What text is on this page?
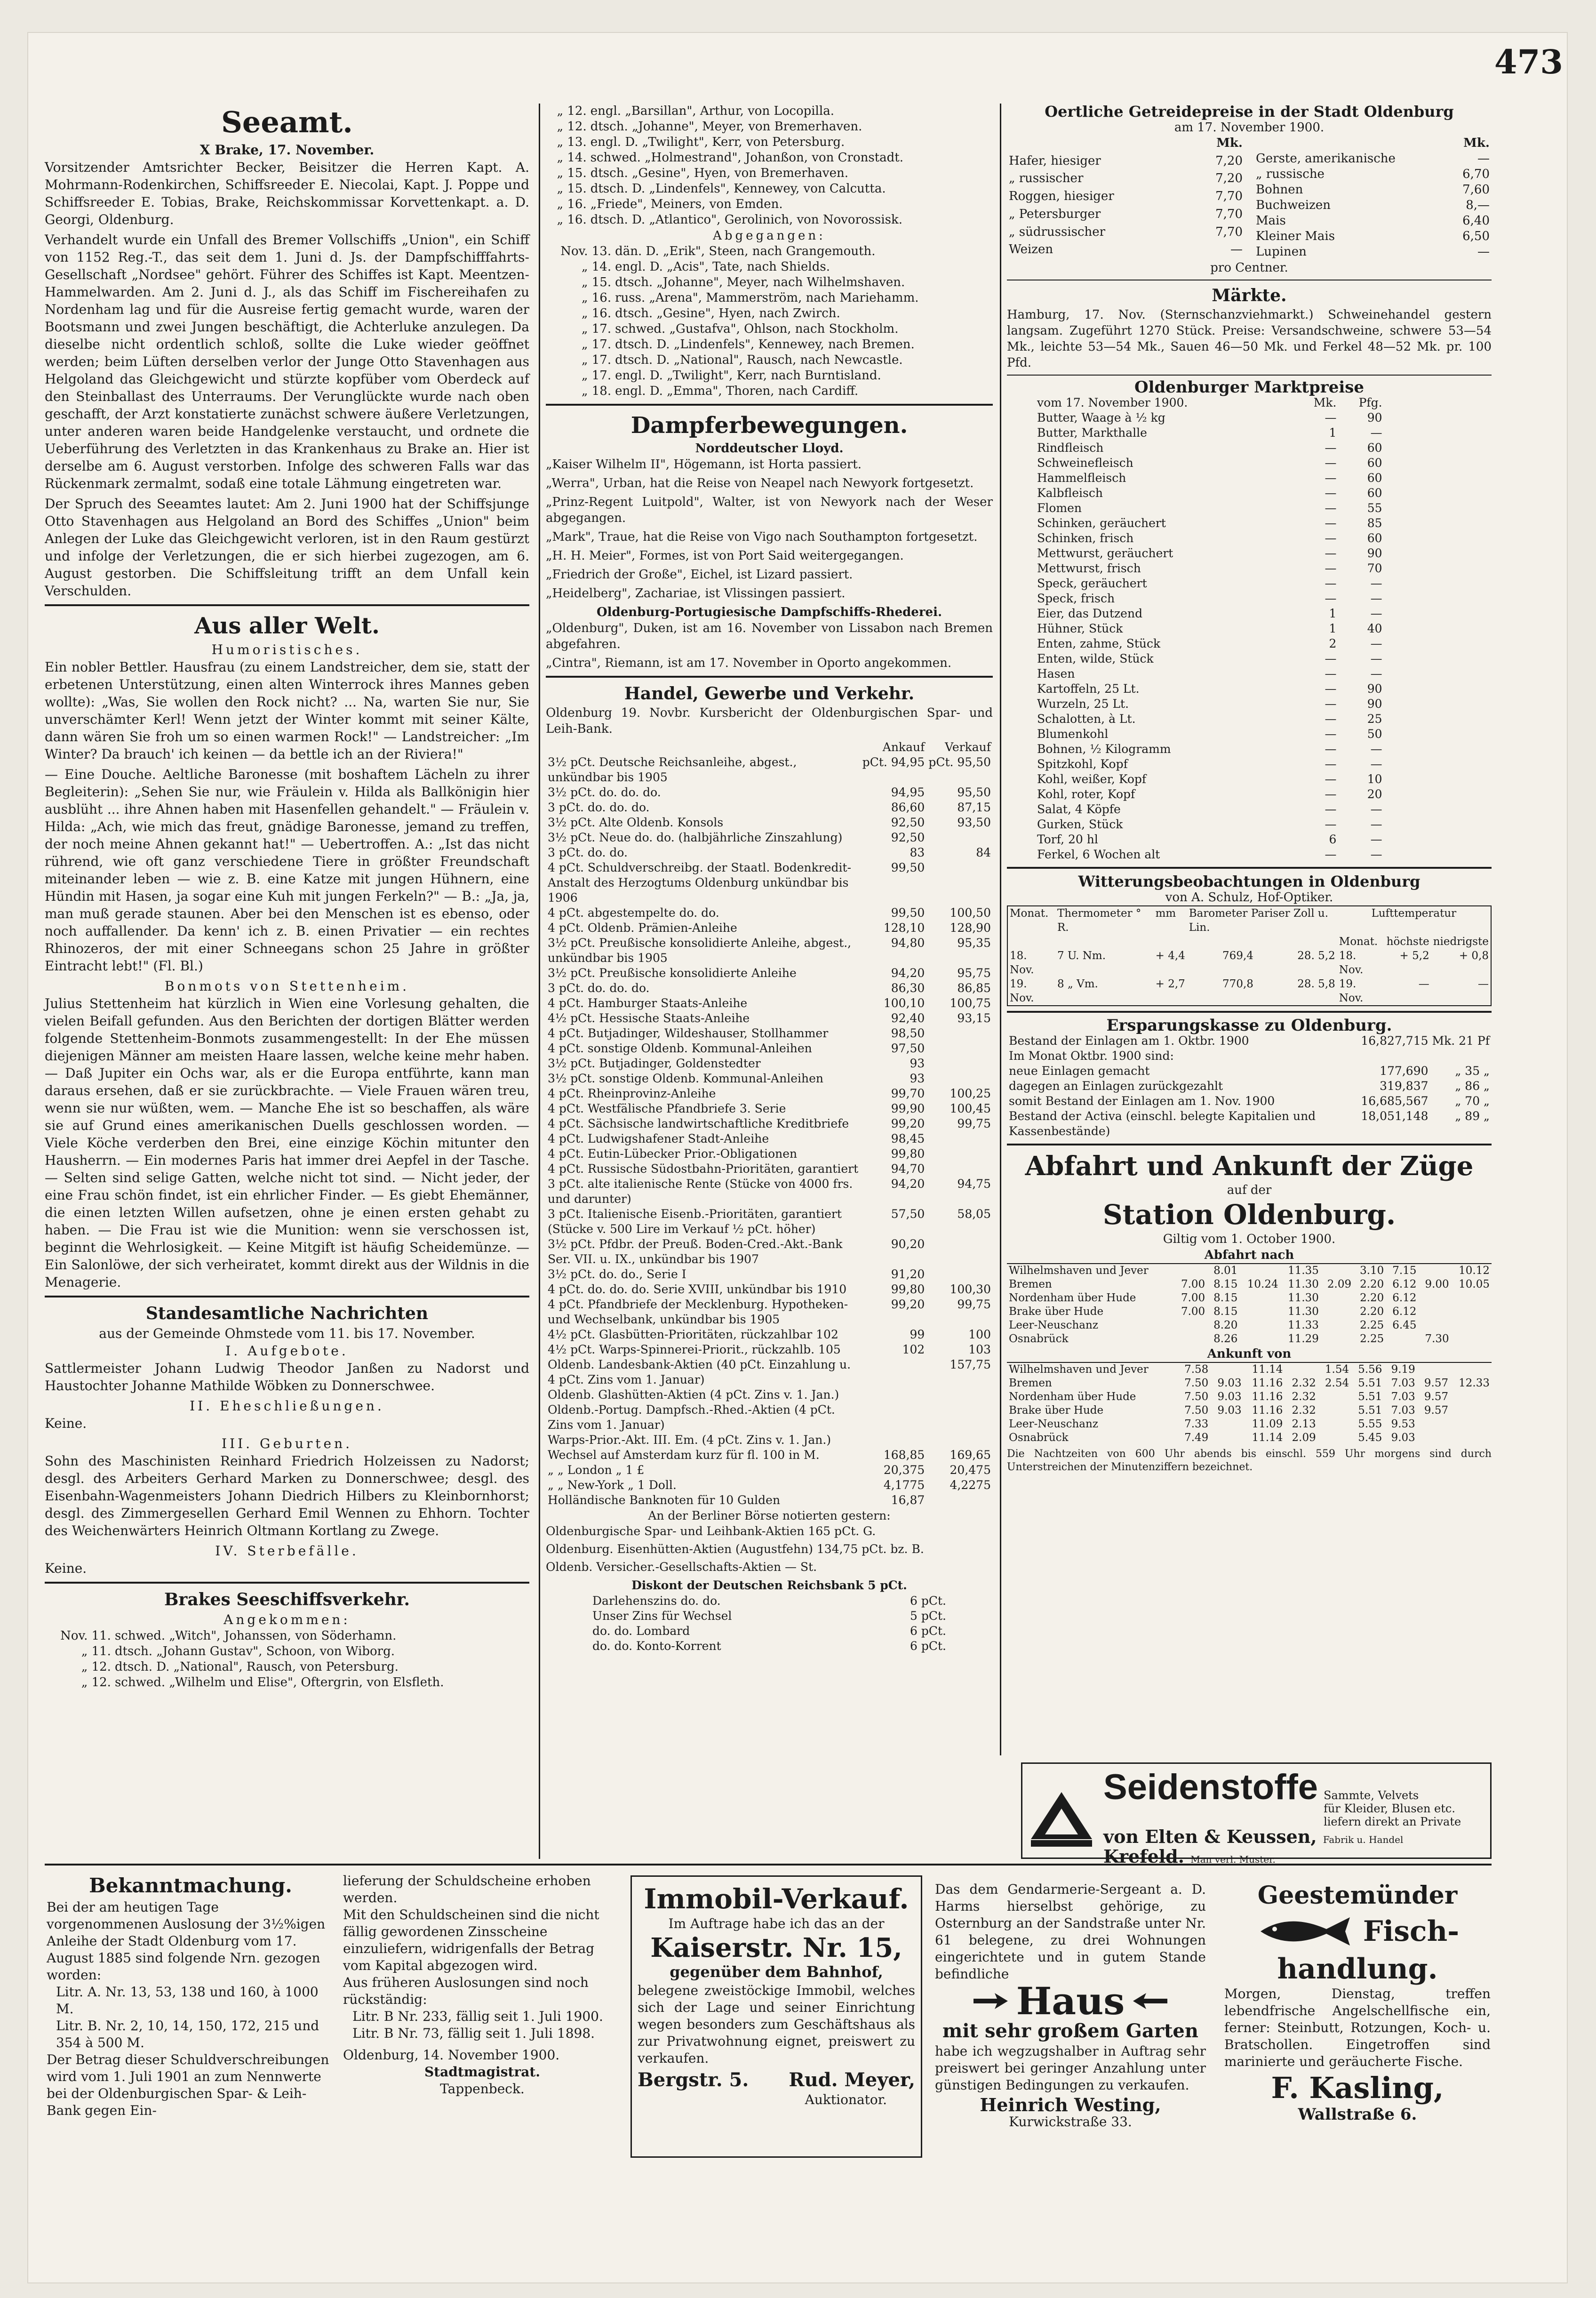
473
Seeamt.
X Brake, 17. November.

Vorsitzender Amtsrichter Becker, Beisitzer die Herren Kapt. A. Mohrmann-Rodenkirchen, Schiffsreeder E. Niecolai, Kapt. J. Poppe und Schiffsreeder E. Tobias, Brake, Reichskommissar Korvettenkapt. a. D. Georgi, Oldenburg.

Verhandelt wurde ein Unfall des Bremer Vollschiffs „Union", ein Schiff von 1152 Reg.-T., das seit dem 1. Juni d. Js. der Dampfschifffahrts-Gesellschaft „Nordsee" gehört. Führer des Schiffes ist Kapt. Meentzen-Hammelwarden. Am 2. Juni d. J., als das Schiff im Fischereihafen zu Nordenham lag und für die Ausreise fertig gemacht wurde, waren der Bootsmann und zwei Jungen beschäftigt, die Achterluke anzulegen. Da dieselbe nicht ordentlich schloß, sollte die Luke wieder geöffnet werden; beim Lüften derselben verlor der Junge Otto Stavenhagen aus Helgoland das Gleichgewicht und stürzte kopfüber vom Oberdeck auf den Steinballast des Unterraums. Der Verunglückte wurde nach oben geschafft, der Arzt konstatierte zunächst schwere äußere Verletzungen, unter anderen waren beide Handgelenke verstaucht, und ordnete die Ueberführung des Verletzten in das Krankenhaus zu Brake an. Hier ist derselbe am 6. August verstorben. Infolge des schweren Falls war das Rückenmark zermalmt, sodaß eine totale Lähmung eingetreten war.

Der Spruch des Seeamtes lautet: Am 2. Juni 1900 hat der Schiffsjunge Otto Stavenhagen aus Helgoland an Bord des Schiffes „Union" beim Anlegen der Luke das Gleichgewicht verloren, ist in den Raum gestürzt und infolge der Verletzungen, die er sich hierbei zugezogen, am 6. August gestorben. Die Schiffsleitung trifft an dem Unfall kein Verschulden.

Aus aller Welt.
Humoristisches.

Ein nobler Bettler. Hausfrau (zu einem Landstreicher, dem sie, statt der erbetenen Unterstützung, einen alten Winterrock ihres Mannes geben wollte): „Was, Sie wollen den Rock nicht? ... Na, warten Sie nur, Sie unverschämter Kerl! Wenn jetzt der Winter kommt mit seiner Kälte, dann wären Sie froh um so einen warmen Rock!" — Landstreicher: „Im Winter? Da brauch' ich keinen — da bettle ich an der Riviera!"

— Eine Douche. Aeltliche Baronesse (mit boshaftem Lächeln zu ihrer Begleiterin): „Sehen Sie nur, wie Fräulein v. Hilda als Ballkönigin hier ausblüht ... ihre Ahnen haben mit Hasenfellen gehandelt." — Fräulein v. Hilda: „Ach, wie mich das freut, gnädige Baronesse, jemand zu treffen, der noch meine Ahnen gekannt hat!" — Uebertroffen. A.: „Ist das nicht rührend, wie oft ganz verschiedene Tiere in größter Freundschaft miteinander leben — wie z. B. eine Katze mit jungen Hühnern, eine Hündin mit Hasen, ja sogar eine Kuh mit jungen Ferkeln?" — B.: „Ja, ja, man muß gerade staunen. Aber bei den Menschen ist es ebenso, oder noch auffallender. Da kenn' ich z. B. einen Privatier — ein rechtes Rhinozeros, der mit einer Schneegans schon 25 Jahre in größter Eintracht lebt!" (Fl. Bl.)

Bonmots von Stettenheim.

Julius Stettenheim hat kürzlich in Wien eine Vorlesung gehalten, die vielen Beifall gefunden. Aus den Berichten der dortigen Blätter werden folgende Stettenheim-Bonmots zusammengestellt: In der Ehe müssen diejenigen Männer am meisten Haare lassen, welche keine mehr haben. — Daß Jupiter ein Ochs war, als er die Europa entführte, kann man daraus ersehen, daß er sie zurückbrachte. — Viele Frauen wären treu, wenn sie nur wüßten, wem. — Manche Ehe ist so beschaffen, als wäre sie auf Grund eines amerikanischen Duells geschlossen worden. — Viele Köche verderben den Brei, eine einzige Köchin mitunter den Hausherrn. — Ein modernes Paris hat immer drei Aepfel in der Tasche. — Selten sind selige Gatten, welche nicht tot sind. — Nicht jeder, der eine Frau schön findet, ist ein ehrlicher Finder. — Es giebt Ehemänner, die einen letzten Willen aufsetzen, ohne je einen ersten gehabt zu haben. — Die Frau ist wie die Munition: wenn sie verschossen ist, beginnt die Wehrlosigkeit. — Keine Mitgift ist häufig Scheidemünze. — Ein Salonlöwe, der sich verheiratet, kommt direkt aus der Wildnis in die Menagerie.

Standesamtliche Nachrichten
aus der Gemeinde Ohmstede vom 11. bis 17. November.
I. Aufgebote.

Sattlermeister Johann Ludwig Theodor Janßen zu Nadorst und Haustochter Johanne Mathilde Wöbken zu Donnerschwee.

II. Eheschließungen.

Keine.

III. Geburten.

Sohn des Maschinisten Reinhard Friedrich Holzeissen zu Nadorst; desgl. des Arbeiters Gerhard Marken zu Donnerschwee; desgl. des Eisenbahn-Wagenmeisters Johann Diedrich Hilbers zu Kleinbornhorst; desgl. des Zimmergesellen Gerhard Emil Wennen zu Ehhorn. Tochter des Weichenwärters Heinrich Oltmann Kortlang zu Zwege.

IV. Sterbefälle.

Keine.

Brakes Seeschiffsverkehr.
Angekommen:
Nov. 11.	schwed. „Witch", Johanssen, von Söderhamn.
„ 11.	dtsch. „Johann Gustav", Schoon, von Wiborg.
„ 12.	dtsch. D. „National", Rausch, von Petersburg.
„ 12.	schwed. „Wilhelm und Elise", Oftergrin, von Elsfleth.
„ 12.	engl. „Barsillan", Arthur, von Locopilla.
„ 12.	dtsch. „Johanne", Meyer, von Bremerhaven.
„ 13.	engl. D. „Twilight", Kerr, von Petersburg.
„ 14.	schwed. „Holmestrand", Johanßon, von Cronstadt.
„ 15.	dtsch. „Gesine", Hyen, von Bremerhaven.
„ 15.	dtsch. D. „Lindenfels", Kennewey, von Calcutta.
„ 16.	„Friede", Meiners, von Emden.
„ 16.	dtsch. D. „Atlantico", Gerolinich, von Novorossisk.
Abgegangen:
Nov. 13.	dän. D. „Erik", Steen, nach Grangemouth.
„ 14.	engl. D. „Acis", Tate, nach Shields.
„ 15.	dtsch. „Johanne", Meyer, nach Wilhelmshaven.
„ 16.	russ. „Arena", Mammerström, nach Mariehamm.
„ 16.	dtsch. „Gesine", Hyen, nach Zwirch.
„ 17.	schwed. „Gustafva", Ohlson, nach Stockholm.
„ 17.	dtsch. D. „Lindenfels", Kennewey, nach Bremen.
„ 17.	dtsch. D. „National", Rausch, nach Newcastle.
„ 17.	engl. D. „Twilight", Kerr, nach Burntisland.
„ 18.	engl. D. „Emma", Thoren, nach Cardiff.
Dampferbewegungen.
Norddeutscher Lloyd.

„Kaiser Wilhelm II", Högemann, ist Horta passiert.

„Werra", Urban, hat die Reise von Neapel nach Newyork fortgesetzt.

„Prinz-Regent Luitpold", Walter, ist von Newyork nach der Weser abgegangen.

„Mark", Traue, hat die Reise von Vigo nach Southampton fortgesetzt.

„H. H. Meier", Formes, ist von Port Said weitergegangen.

„Friedrich der Große", Eichel, ist Lizard passiert.

„Heidelberg", Zachariae, ist Vlissingen passiert.

Oldenburg-Portugiesische Dampfschiffs-Rhederei.

„Oldenburg", Duken, ist am 16. November von Lissabon nach Bremen abgefahren.

„Cintra", Riemann, ist am 17. November in Oporto angekommen.

Handel, Gewerbe und Verkehr.

Oldenburg 19. Novbr. Kursbericht der Oldenburgischen Spar- und Leih-Bank.

	Ankauf	Verkauf
3½ pCt. Deutsche Reichsanleihe, abgest., unkündbar bis 1905	pCt. 94,95	pCt. 95,50
3½ pCt. do. do. do.	94,95	95,50
3 pCt. do. do. do.	86,60	87,15
3½ pCt. Alte Oldenb. Konsols	92,50	93,50
3½ pCt. Neue do. do. (halbjährliche Zinszahlung)	92,50	
3 pCt. do. do.	83	84
4 pCt. Schuldverschreibg. der Staatl. Bodenkredit-Anstalt des Herzogtums Oldenburg unkündbar bis 1906	99,50	
4 pCt. abgestempelte do. do.	99,50	100,50
4 pCt. Oldenb. Prämien-Anleihe	128,10	128,90
3½ pCt. Preußische konsolidierte Anleihe, abgest., unkündbar bis 1905	94,80	95,35
3½ pCt. Preußische konsolidierte Anleihe	94,20	95,75
3 pCt. do. do. do.	86,30	86,85
4 pCt. Hamburger Staats-Anleihe	100,10	100,75
4½ pCt. Hessische Staats-Anleihe	92,40	93,15
4 pCt. Butjadinger, Wildeshauser, Stollhammer	98,50	
4 pCt. sonstige Oldenb. Kommunal-Anleihen	97,50	
3½ pCt. Butjadinger, Goldenstedter	93	
3½ pCt. sonstige Oldenb. Kommunal-Anleihen	93	
4 pCt. Rheinprovinz-Anleihe	99,70	100,25
4 pCt. Westfälische Pfandbriefe 3. Serie	99,90	100,45
4 pCt. Sächsische landwirtschaftliche Kreditbriefe	99,20	99,75
4 pCt. Ludwigshafener Stadt-Anleihe	98,45	
4 pCt. Eutin-Lübecker Prior.-Obligationen	99,80	
4 pCt. Russische Südostbahn-Prioritäten, garantiert	94,70	
3 pCt. alte italienische Rente (Stücke von 4000 frs. und darunter)	94,20	94,75
3 pCt. Italienische Eisenb.-Prioritäten, garantiert (Stücke v. 500 Lire im Verkauf ½ pCt. höher)	57,50	58,05
3½ pCt. Pfdbr. der Preuß. Boden-Cred.-Akt.-Bank Ser. VII. u. IX., unkündbar bis 1907	90,20	
3½ pCt. do. do., Serie I	91,20	
4 pCt. do. do. do. Serie XVIII, unkündbar bis 1910	99,80	100,30
4 pCt. Pfandbriefe der Mecklenburg. Hypotheken- und Wechselbank, unkündbar bis 1905	99,20	99,75
4½ pCt. Glasbütten-Prioritäten, rückzahlbar 102	99	100
4½ pCt. Warps-Spinnerei-Priorit., rückzahlb. 105	102	103
Oldenb. Landesbank-Aktien (40 pCt. Einzahlung u. 4 pCt. Zins vom 1. Januar)		157,75
Oldenb. Glashütten-Aktien (4 pCt. Zins v. 1. Jan.)		
Oldenb.-Portug. Dampfsch.-Rhed.-Aktien (4 pCt. Zins vom 1. Januar)		
Warps-Prior.-Akt. III. Em. (4 pCt. Zins v. 1. Jan.)		
Wechsel auf Amsterdam kurz für fl. 100 in M.	168,85	169,65
„ „ London „ 1 £	20,375	20,475
„ „ New-York „ 1 Doll.	4,1775	4,2275
Holländische Banknoten für 10 Gulden	16,87	
An der Berliner Börse notierten gestern:

Oldenburgische Spar- und Leihbank-Aktien 165 pCt. G.

Oldenburg. Eisenhütten-Aktien (Augustfehn) 134,75 pCt. bz. B.

Oldenb. Versicher.-Gesellschafts-Aktien — St.

Diskont der Deutschen Reichsbank 5 pCt.
Darlehenszins do. do.	6 pCt.
Unser Zins für Wechsel	5 pCt.
do. do. Lombard	6 pCt.
do. do. Konto-Korrent	6 pCt.
Oertliche Getreidepreise in der Stadt Oldenburg
am 17. November 1900.
	Mk.
Hafer, hiesiger	7,20
„ russischer	7,20
Roggen, hiesiger	7,70
„ Petersburger	7,70
„ südrussischer	7,70
Weizen	—
	Mk.
Gerste, amerikanische	—
„ russische	6,70
Bohnen	7,60
Buchweizen	8,—
Mais	6,40
Kleiner Mais	6,50
Lupinen	—
pro Centner.
Märkte.

Hamburg, 17. Nov. (Sternschanzviehmarkt.) Schweinehandel gestern langsam. Zugeführt 1270 Stück. Preise: Versandschweine, schwere 53—54 Mk., leichte 53—54 Mk., Sauen 46—50 Mk. und Ferkel 48—52 Mk. pr. 100 Pfd.

Oldenburger Marktpreise
vom 17. November 1900.	Mk.	Pfg.
Butter, Waage à ½ kg	—	90
Butter, Markthalle	1	—
Rindfleisch	—	60
Schweinefleisch	—	60
Hammelfleisch	—	60
Kalbfleisch	—	60
Flomen	—	55
Schinken, geräuchert	—	85
Schinken, frisch	—	60
Mettwurst, geräuchert	—	90
Mettwurst, frisch	—	70
Speck, geräuchert	—	—
Speck, frisch	—	—
Eier, das Dutzend	1	—
Hühner, Stück	1	40
Enten, zahme, Stück	2	—
Enten, wilde, Stück	—	—
Hasen	—	—
Kartoffeln, 25 Lt.	—	90
Wurzeln, 25 Lt.	—	90
Schalotten, à Lt.	—	25
Blumenkohl	—	50
Bohnen, ½ Kilogramm	—	—
Spitzkohl, Kopf	—	—
Kohl, weißer, Kopf	—	10
Kohl, roter, Kopf	—	20
Salat, 4 Köpfe	—	—
Gurken, Stück	—	—
Torf, 20 hl	6	—
Ferkel, 6 Wochen alt	—	—
Witterungsbeobachtungen in Oldenburg
von A. Schulz, Hof-Optiker.
Monat.	Thermometer ° R.	mm	Barometer Pariser Zoll u. Lin.		Lufttemperatur		
					Monat.	höchste	niedrigste
18. Nov.	7 U. Nm.	+ 4,4	769,4	28. 5,2	18. Nov.	+ 5,2	+ 0,8
19. Nov.	8 „ Vm.	+ 2,7	770,8	28. 5,8	19. Nov.	—	—
Ersparungskasse zu Oldenburg.
Bestand der Einlagen am 1. Oktbr. 1900	16,827,715	Mk. 21 Pf
Im Monat Oktbr. 1900 sind:		
neue Einlagen gemacht	177,690	„ 35 „
dagegen an Einlagen zurückgezahlt	319,837	„ 86 „
somit Bestand der Einlagen am 1. Nov. 1900	16,685,567	„ 70 „
Bestand der Activa (einschl. belegte Kapitalien und Kassenbestände)	18,051,148	„ 89 „
Abfahrt und Ankunft der Züge
auf der
Station Oldenburg.
Giltig vom 1. October 1900.
Abfahrt nach
Wilhelmshaven und Jever		8.01		11.35		3.10	7.15		10.12
Bremen	7.00	8.15	10.24	11.30	2.09	2.20	6.12	9.00	10.05
Nordenham über Hude	7.00	8.15		11.30		2.20	6.12		
Brake über Hude	7.00	8.15		11.30		2.20	6.12		
Leer-Neuschanz		8.20		11.33		2.25	6.45		
Osnabrück		8.26		11.29		2.25		7.30	
Ankunft von
Wilhelmshaven und Jever	7.58		11.14		1.54	5.56	9.19		
Bremen	7.50	9.03	11.16	2.32	2.54	5.51	7.03	9.57	12.33
Nordenham über Hude	7.50	9.03	11.16	2.32		5.51	7.03	9.57	
Brake über Hude	7.50	9.03	11.16	2.32		5.51	7.03	9.57	
Leer-Neuschanz	7.33		11.09	2.13		5.55	9.53		
Osnabrück	7.49		11.14	2.09		5.45	9.03		

Die Nachtzeiten von 600 Uhr abends bis einschl. 559 Uhr morgens sind durch Unterstreichen der Minutenziffern bezeichnet.

Seidenstoffe Sammte, Velvets
für Kleider, Blusen etc.
liefern direkt an Private
von Elten & Keussen, Fabrik u. Handel Krefeld. Man verl. Muster.
Bekanntmachung.

Bei der am heutigen Tage vorgenommenen Auslosung der 3½%igen Anleihe der Stadt Oldenburg vom 17. August 1885 sind folgende Nrn. gezogen worden:

Litr. A. Nr. 13, 53, 138 und 160, à 1000 M.

Litr. B. Nr. 2, 10, 14, 150, 172, 215 und 354 à 500 M.

Der Betrag dieser Schuldverschreibungen wird vom 1. Juli 1901 an zum Nennwerte bei der Oldenburgischen Spar- & Leih-Bank gegen Ein-

lieferung der Schuldscheine erhoben werden.

Mit den Schuldscheinen sind die nicht fällig gewordenen Zinsscheine einzuliefern, widrigenfalls der Betrag vom Kapital abgezogen wird.

Aus früheren Auslosungen sind noch rückständig:

Litr. B Nr. 233, fällig seit 1. Juli 1900.

Litr. B Nr. 73, fällig seit 1. Juli 1898.

Oldenburg, 14. November 1900.

Stadtmagistrat.
Tappenbeck.
Immobil-Verkauf.
Im Auftrage habe ich das an der
Kaiserstr. Nr. 15,
gegenüber dem Bahnhof,

belegene zweistöckige Immobil, welches sich der Lage und seiner Einrichtung wegen besonders zum Geschäftshaus als zur Privatwohnung eignet, preiswert zu verkaufen.

Bergstr. 5. Rud. Meyer,
Auktionator.

Das dem Gendarmerie-Sergeant a. D. Harms hierselbst gehörige, zu Osternburg an der Sandstraße unter Nr. 61 belegene, zu drei Wohnungen eingerichtete und in gutem Stande befindliche

Haus
mit sehr großem Garten

habe ich wegzugshalber in Auftrag sehr preiswert bei geringer Anzahlung unter günstigen Bedingungen zu verkaufen.

Heinrich Westing,
Kurwickstraße 33.
Geestemünder
Fisch-
handlung.

Morgen, Dienstag, treffen lebendfrische Angelschellfische ein, ferner: Steinbutt, Rotzungen, Koch- u. Bratschollen. Eingetroffen sind marinierte und geräucherte Fische.

F. Kasling,
Wallstraße 6.
